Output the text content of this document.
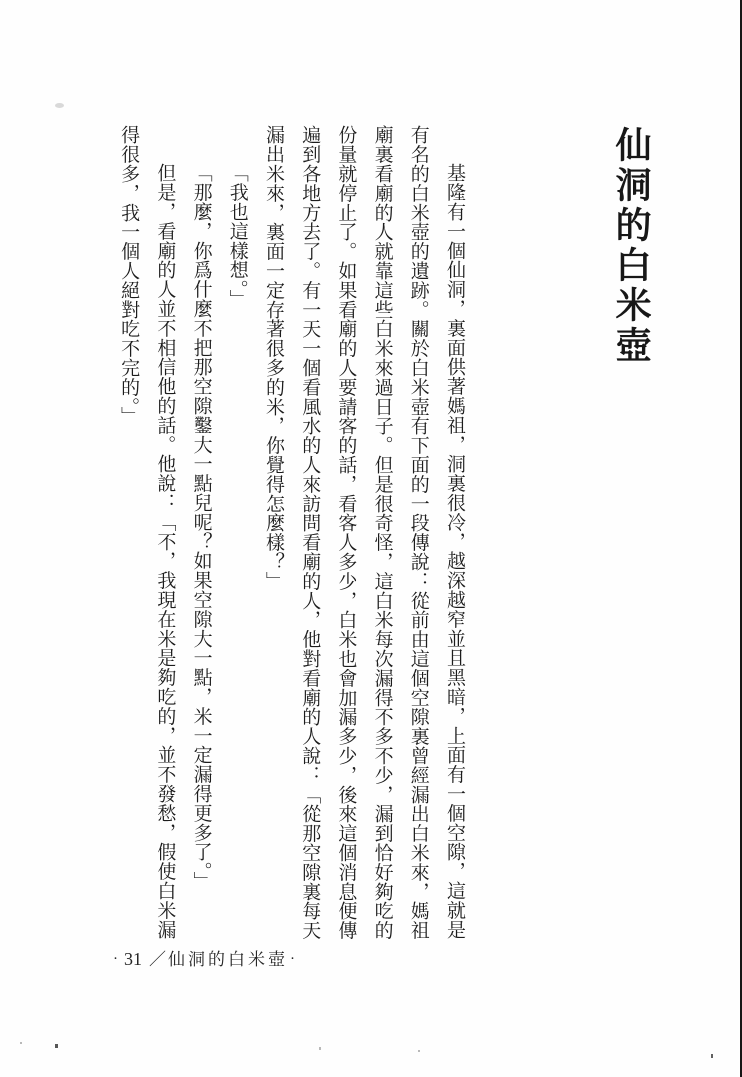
仙洞的白米壺

基隆有一個仙洞，裏面供著媽祖，洞裏很冷，越深越窄並且黑暗，上面有一個空隙，這就是有名的白米壺的遺跡。關於白米壺有下面的一段傳說：從前由這個空隙裏曾經漏出白米來，媽祖廟裏看廟的人就靠這些白米來過日子。但是很奇怪，這白米每次漏得不多不少，漏到恰好夠吃的份量就停止了。如果看廟的人要請客的話，看客人多少，白米也會加漏多少，後來這個消息便傳遍到各地方去了。有一天一個看風水的人來訪問看廟的人，他對看廟的人說：「從那空隙裏每天漏出米來，裏面一定存著很多的米，你覺得怎麼樣？」

「我也這樣想。」

「那麼，你爲什麼不把那空隙鑿大一點兒呢？如果空隙大一點，米一定漏得更多了。」

但是，看廟的人並不相信他的話。他說：「不，我現在米是夠吃的，並不發愁，假使白米漏得很多，我一個人絕對吃不完的。」

· 31 ／ 仙洞的白米壺 ·
